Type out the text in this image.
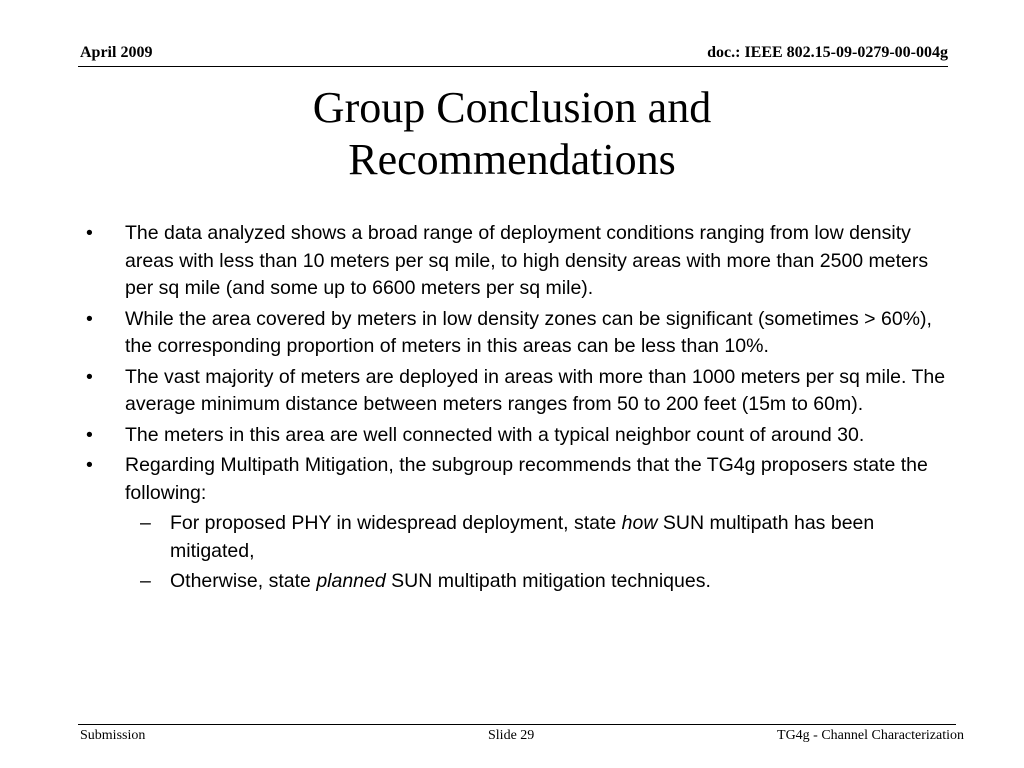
April 2009	doc.: IEEE 802.15-09-0279-00-004g
Group Conclusion and
Recommendations
• The data analyzed shows a broad range of deployment conditions ranging from low density areas with less than 10 meters per sq mile, to high density areas with more than 2500 meters per sq mile (and some up to 6600 meters per sq mile).
• While the area covered by meters in low density zones can be significant (sometimes > 60%), the corresponding proportion of meters in this areas can be less than 10%.
• The vast majority of meters are deployed in areas with more than 1000 meters per sq mile. The average minimum distance between meters ranges from 50 to 200 feet (15m to 60m).
• The meters in this area are well connected with a typical neighbor count of around 30.
• Regarding Multipath Mitigation, the subgroup recommends that the TG4g proposers state the following:
– For proposed PHY in widespread deployment, state how SUN multipath has been mitigated,
– Otherwise, state planned SUN multipath mitigation techniques.
Submission	Slide 29	TG4g - Channel Characterization
